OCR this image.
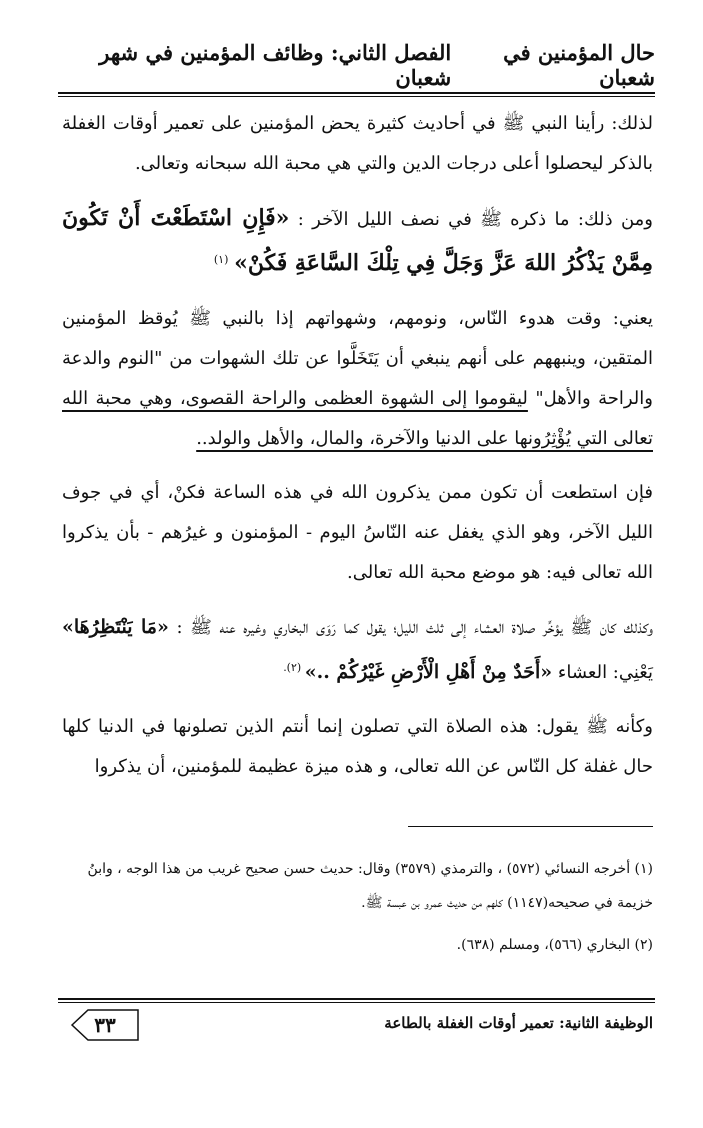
حال المؤمنين في شعبان
الفصل الثاني: وظائف المؤمنين في شهر شعبان

لذلك: رأينا النبي ﷺ في أحاديث كثيرة يحض المؤمنين على تعمير أوقات الغفلة بالذكر ليحصلوا أعلى درجات الدين والتي هي محبة الله سبحانه وتعالى.

ومن ذلك: ما ذكره ﷺ في نصف الليل الآخر : «فَإِنِ اسْتَطَعْتَ أَنْ تَكُونَ مِمَّنْ يَذْكُرُ اللهَ عَزَّ وَجَلَّ فِي تِلْكَ السَّاعَةِ فَكُنْ» $^{(١)}$

يعني: وقت هدوء النّاس، ونومهم، وشهواتهم إذا بالنبي ﷺ يُوقظ المؤمنين المتقين، وينبههم على أنهم ينبغي أن يَتَخَلَّوا عن تلك الشهوات من "النوم والدعة والراحة والأهل" ليقوموا إلى الشهوة العظمى والراحة القصوى، وهي محبة الله تعالى التي يُؤْثِرُونها على الدنيا والآخرة، والمال، والأهل والولد..

فإن استطعت أن تكون ممن يذكرون الله في هذه الساعة فكنْ، أي في جوف الليل الآخر، وهو الذي يغفل عنه النّاسُ اليوم - المؤمنون و غيرُهم - بأن يذكروا الله تعالى فيه: هو موضع محبة الله تعالى.

وكذلك كان ﷺ يؤخِّر صلاة العشاء إلى ثلث الليل؛ يقول كما رَوَى البخاري وغيره عنه ﷺ : «مَا يَنْتَظِرُهَا» يَعْنِي: العشاء «أَحَدٌ مِنْ أَهْلِ الْأَرْضِ غَيْرُكُمْ ..» $^{(٢).}$

وكأنه ﷺ يقول: هذه الصلاة التي تصلون إنما أنتم الذين تصلونها في الدنيا كلها حال غفلة كل النّاس عن الله تعالى، و هذه ميزة عظيمة للمؤمنين، أن يذكروا

(١) أخرجه النسائي (٥٧٢) ، والترمذي (٣٥٧٩) وقال: حديث حسن صحيح غريب من هذا الوجه ، وابنُ خزيمة في صحيحه(١١٤٧) كلهم من حديث عمرو بن عبسة ﷺ.

(٢) البخاري (٥٦٦)، ومسلم (٦٣٨).

الوظيفة الثانية: تعمير أوقات الغفلة بالطاعة
٣٣
